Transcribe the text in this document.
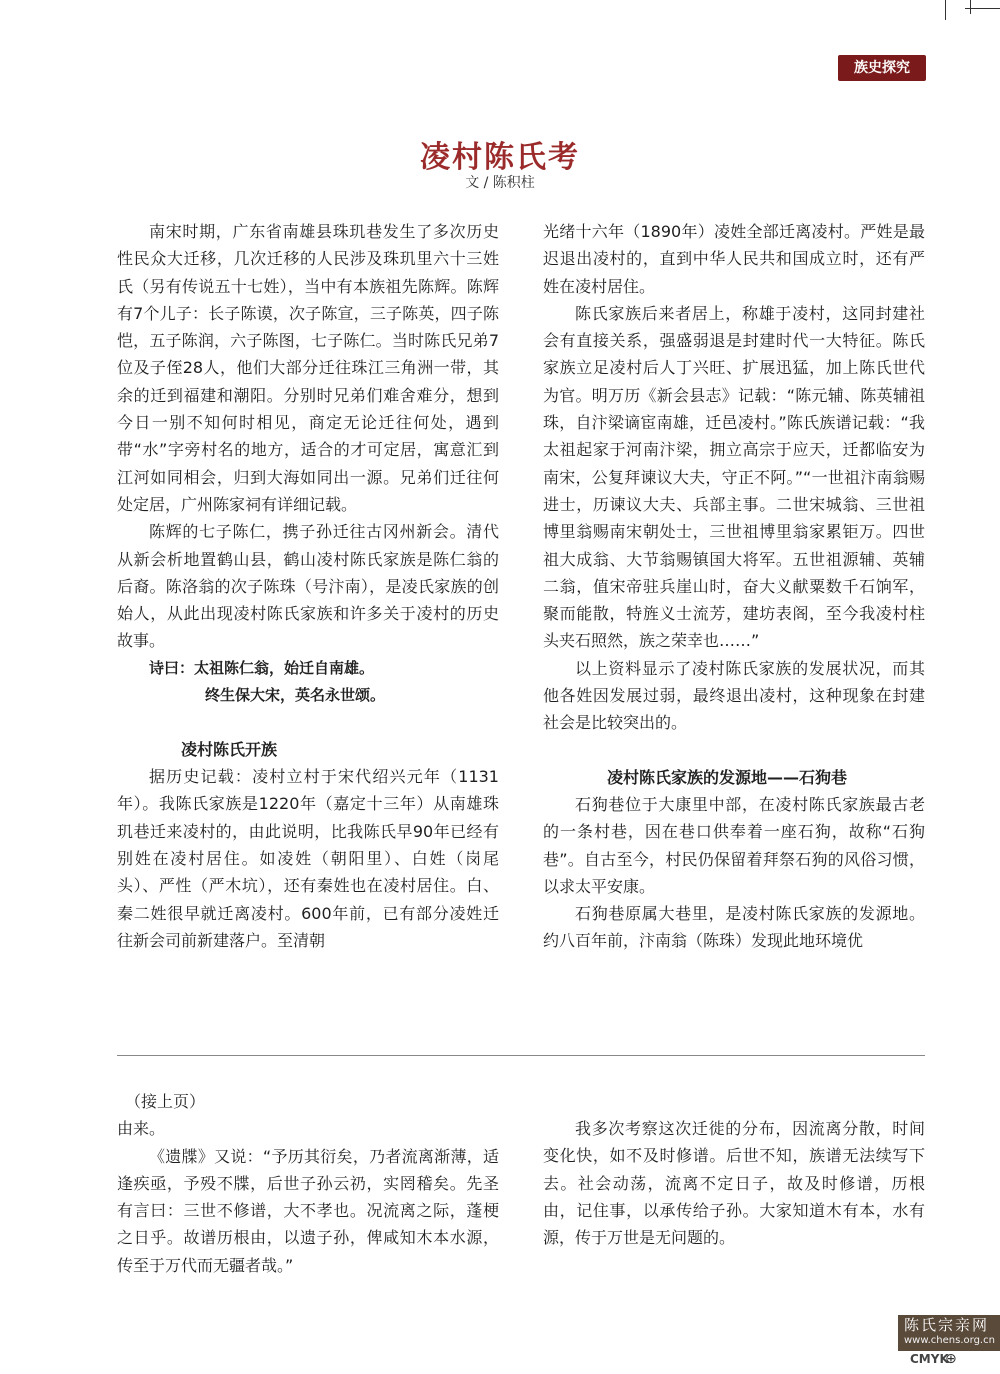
族史探究
凌村陈氏考
文 / 陈积柱

南宋时期，广东省南雄县珠玑巷发生了多次历史性民众大迁移，几次迁移的人民涉及珠玑里六十三姓氏（另有传说五十七姓），当中有本族祖先陈辉。陈辉有7个儿子：长子陈谟，次子陈宣，三子陈英，四子陈恺，五子陈润，六子陈图，七子陈仁。当时陈氏兄弟7位及子侄28人，他们大部分迁往珠江三角洲一带，其余的迁到福建和潮阳。分别时兄弟们难舍难分，想到今日一别不知何时相见，商定无论迁往何处，遇到带“水”字旁村名的地方，适合的才可定居，寓意汇到江河如同相会，归到大海如同出一源。兄弟们迁往何处定居，广州陈家祠有详细记载。

陈辉的七子陈仁，携子孙迁往古冈州新会。清代从新会析地置鹤山县，鹤山凌村陈氏家族是陈仁翁的后裔。陈洛翁的次子陈珠（号汴南），是凌氏家族的创始人，从此出现凌村陈氏家族和许多关于凌村的历史故事。

诗曰：太祖陈仁翁，始迁自南雄。
终生保大宋，英名永世颂。

凌村陈氏开族

据历史记载：凌村立村于宋代绍兴元年（1131年）。我陈氏家族是1220年（嘉定十三年）从南雄珠玑巷迁来凌村的，由此说明，比我陈氏早90年已经有别姓在凌村居住。如凌姓（朝阳里）、白姓（岗尾头）、严性（严木坑），还有秦姓也在凌村居住。白、秦二姓很早就迁离凌村。600年前，已有部分凌姓迁往新会司前新建落户。至清朝

光绪十六年（1890年）凌姓全部迁离凌村。严姓是最迟退出凌村的，直到中华人民共和国成立时，还有严姓在凌村居住。

陈氏家族后来者居上，称雄于凌村，这同封建社会有直接关系，强盛弱退是封建时代一大特征。陈氏家族立足凌村后人丁兴旺、扩展迅猛，加上陈氏世代为官。明万历《新会县志》记载：“陈元辅、陈英辅祖珠，自汴梁谪宦南雄，迁邑凌村。”陈氏族谱记载：“我太祖起家于河南汴梁，拥立高宗于应天，迁都临安为南宋，公复拜谏议大夫，守正不阿。”“一世祖汴南翁赐进士，历谏议大夫、兵部主事。二世宋城翁、三世祖博里翁赐南宋朝处士，三世祖博里翁家累钜万。四世祖大成翁、大节翁赐镇国大将军。五世祖源辅、英辅二翁，值宋帝驻兵崖山时，奋大义献粟数千石饷军，聚而能散，特旌义士流芳，建坊表阁，至今我凌村柱头夹石照然，族之荣幸也……”

以上资料显示了凌村陈氏家族的发展状况，而其他各姓因发展过弱，最终退出凌村，这种现象在封建社会是比较突出的。

凌村陈氏家族的发源地——石狗巷

石狗巷位于大康里中部，在凌村陈氏家族最古老的一条村巷，因在巷口供奉着一座石狗，故称“石狗巷”。自古至今，村民仍保留着拜祭石狗的风俗习惯，以求太平安康。

石狗巷原属大巷里，是凌村陈氏家族的发源地。约八百年前，汴南翁（陈珠）发现此地环境优

（接上页）

由来。

《遗牒》又说：“予历其衍矣，乃者流离渐薄，适逢疾亟，予殁不牒，后世子孙云礽，实罔稽矣。先圣有言曰：三世不修谱，大不孝也。况流离之际，蓬梗之日乎。故谱历根由，以遗子孙，俾咸知木本水源，传至于万代而无疆者哉。”

我多次考察这次迁徙的分布，因流离分散，时间变化快，如不及时修谱。后世不知，族谱无法续写下去。社会动荡，流离不定日子，故及时修谱，历根由，记住事，以承传给子孙。大家知道木有本，水有源，传于万世是无问题的。

陈氏宗亲网
www.chens.org.cn
CMYK
⊕
